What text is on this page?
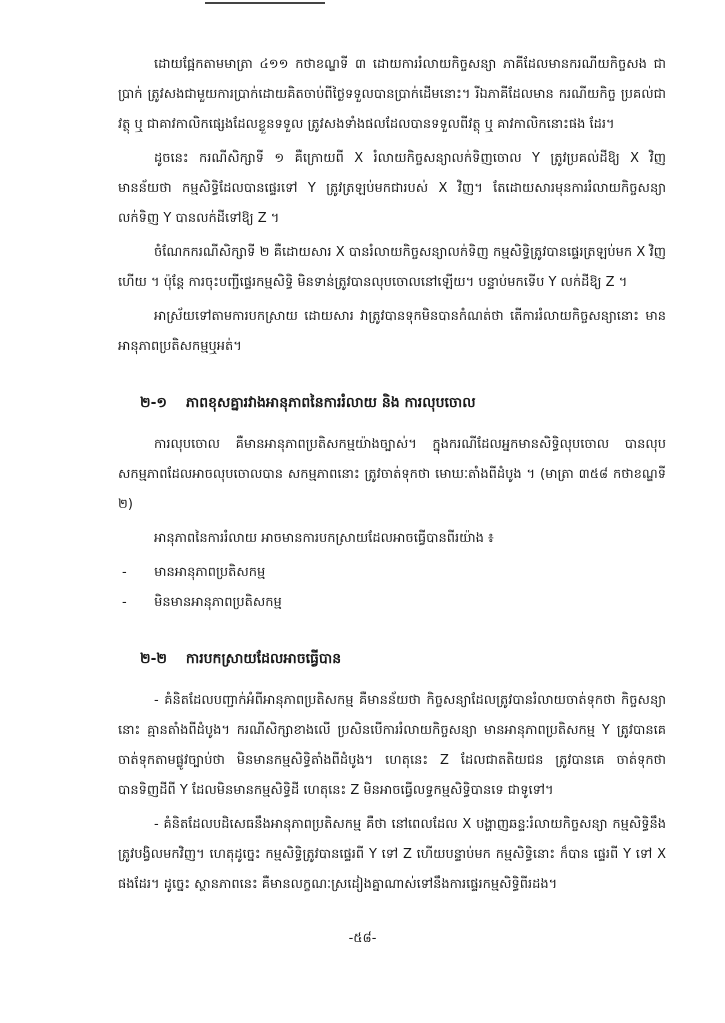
ដោយផ្អែកតាមមាត្រា ៤១១ កថាខណ្ឌទី ៣ ដោយការរំលាយកិច្ចសន្យា ភាគីដែលមានករណីយកិច្ចសង ជាប្រាក់ ត្រូវសងជាមួយការប្រាក់ដោយគិតចាប់ពីថ្ងៃទទួលបានប្រាក់ដើមនោះ។ រីឯភាគីដែលមាន ករណីយកិច្ច ប្រគល់ជាវត្ថុ ឬ ជាគាវកាលិកផ្សេងដែលខ្លួនទទួល ត្រូវសងទាំងផលដែលបានទទួលពីវត្ថុ ឬ គាវកាលិកនោះផង ដែរ។

ដូចនេះ ករណីសិក្សាទី ១ គឺក្រោយពី X រំលាយកិច្ចសន្យាលក់ទិញចោល Y ត្រូវប្រគល់ដីឱ្យ X វិញ មានន័យថា កម្មសិទ្ធិដែលបានផ្ទេរទៅ Y ត្រូវត្រឡប់មកជារបស់ X វិញ។ តែដោយសារមុនការរំលាយកិច្ចសន្យា លក់ទិញ Y បានលក់ដីទៅឱ្យ Z ។

ចំណែកករណីសិក្សាទី ២ គឺដោយសារ X បានរំលាយកិច្ចសន្យាលក់ទិញ កម្មសិទ្ធិត្រូវបានផ្ទេរត្រឡប់មក X វិញហើយ ។ ប៉ុន្តែ ការចុះបញ្ជីផ្ទេរកម្មសិទ្ធិ មិនទាន់ត្រូវបានលុបចោលនៅឡើយ។ បន្ទាប់មកទើប Y លក់ដីឱ្យ Z ។

អាស្រ័យទៅតាមការបកស្រាយ ដោយសារ វាត្រូវបានទុកមិនបានកំណត់ថា តើការរំលាយកិច្ចសន្យានោះ មានអានុភាពប្រតិសកម្មឬអត់។

២-១ ភាពខុសគ្នារវាងអានុភាពនៃការរំលាយ និង ការលុបចោល

ការលុបចោល គឺមានអានុភាពប្រតិសកម្មយ៉ាងច្បាស់។ ក្នុងករណីដែលអ្នកមានសិទ្ធិលុបចោល បានលុប សកម្មភាពដែលអាចលុបចោលបាន សកម្មភាពនោះ ត្រូវចាត់ទុកថា មោឃៈតាំងពីដំបូង ។ (មាត្រា ៣៥៨ កថាខណ្ឌទី ២)

អានុភាពនៃការរំលាយ អាចមានការបកស្រាយដែលអាចធ្វើបានពីរយ៉ាង ៖

- មានអានុភាពប្រតិសកម្ម
- មិនមានអានុភាពប្រតិសកម្ម
២-២ ការបកស្រាយដែលអាចធ្វើបាន

- គំនិតដែលបញ្ជាក់អំពីអានុភាពប្រតិសកម្ម គឺមានន័យថា កិច្ចសន្យាដែលត្រូវបានរំលាយចាត់ទុកថា កិច្ចសន្យានោះ គ្មានតាំងពីដំបូង។ ករណីសិក្សាខាងលើ ប្រសិនបើការរំលាយកិច្ចសន្យា មានអានុភាពប្រតិសកម្ម Y ត្រូវបានគេចាត់ទុកតាមផ្លូវច្បាប់ថា មិនមានកម្មសិទ្ធិតាំងពីដំបូង។ ហេតុនេះ Z ដែលជាតតិយជន ត្រូវបានគេ ចាត់ទុកថា បានទិញដីពី Y ដែលមិនមានកម្មសិទ្ធិដី ហេតុនេះ Z មិនអាចធ្វើលទ្ធកម្មសិទ្ធិបានទេ ជាទូទៅ។

- គំនិតដែលបដិសេធនឹងអានុភាពប្រតិសកម្ម គឺថា នៅពេលដែល X បង្ហាញឆន្ទៈរំលាយកិច្ចសន្យា កម្មសិទ្ធិនឹងត្រូវបង្វិលមកវិញ។ ហេតុដូច្នេះ កម្មសិទ្ធិត្រូវបានផ្ទេរពី Y ទៅ Z ហើយបន្ទាប់មក កម្មសិទ្ធិនោះ ក៏បាន ផ្ទេរពី Y ទៅ X ផងដែរ។ ដូច្នេះ ស្ថានភាពនេះ គឺមានលក្ខណៈស្រដៀងគ្នាណាស់ទៅនឹងការផ្ទេរកម្មសិទ្ធិពីរដង។

-៥៨-
